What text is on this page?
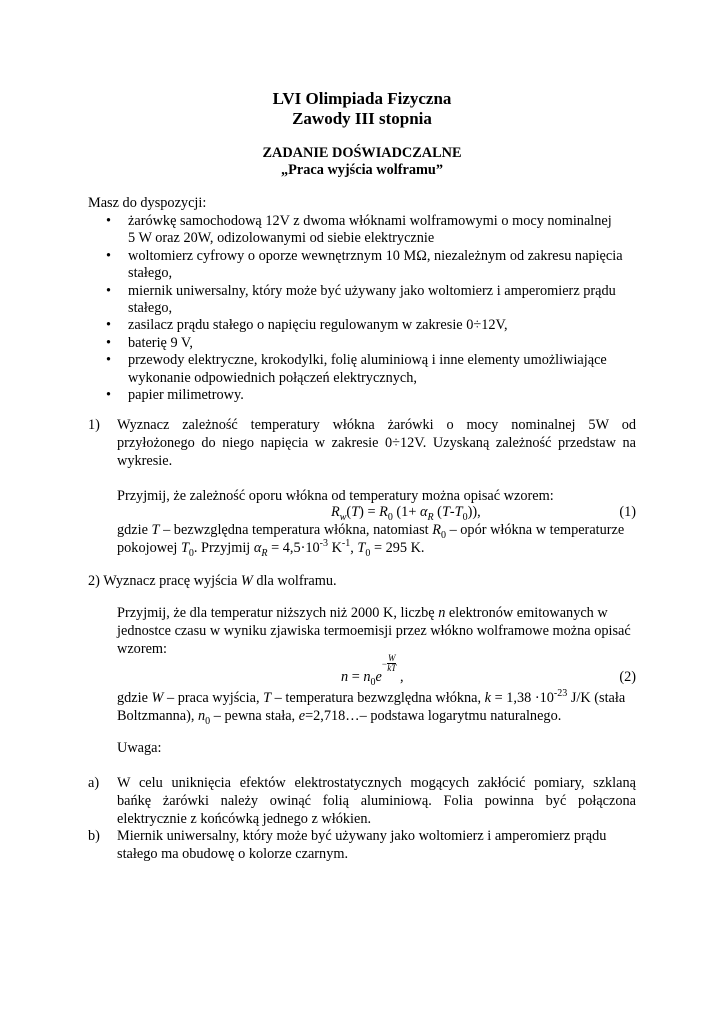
LVI Olimpiada Fizyczna
Zawody III stopnia
ZADANIE DOŚWIADCZALNE
„Praca wyjścia wolframu”
Masz do dyspozycji:
• żarówkę samochodową 12V z dwoma włóknami wolframowymi o mocy nominalnej
5 W oraz 20W, odizolowanymi od siebie elektrycznie
• woltomierz cyfrowy o oporze wewnętrznym 10 MΩ, niezależnym od zakresu napięcia
stałego,
• miernik uniwersalny, który może być używany jako woltomierz i amperomierz prądu
stałego,
• zasilacz prądu stałego o napięciu regulowanym w zakresie 0÷12V,
• baterię 9 V,
• przewody elektryczne, krokodylki, folię aluminiową i inne elementy umożliwiające
wykonanie odpowiednich połączeń elektrycznych,
• papier milimetrowy.
1) Wyznacz zależność temperatury włókna żarówki o mocy nominalnej 5W od
przyłożonego do niego napięcia w zakresie 0÷12V. Uzyskaną zależność przedstaw na
wykresie.
Przyjmij, że zależność oporu włókna od temperatury można opisać wzorem:
$R_w(T) = R_0$ ($1+ \alpha_R$ $(T-T_0)$),	(1)
gdzie T – bezwzględna temperatura włókna, natomiast $R_0$ – opór włókna w temperaturze
pokojowej $T_0$. Przyjmij $\alpha_R = 4,5\cdot 10^{-3}$ $K^{-1}$, $T_0 = 295$ K.
2) Wyznacz pracę wyjścia W dla wolframu.
Przyjmij, że dla temperatur niższych niż 2000 K, liczbę n elektronów emitowanych w
jednostce czasu w wyniku zjawiska termoemisji przez włókno wolframowe można opisać
wzorem:
$n = n_0e^- \frac{W}{kT}$
,	(2)
gdzie W – praca wyjścia, T – temperatura bezwzględna włókna, $k = 1,38 \cdot 10^{-23}$ J/K (stała
Boltzmanna), $n_0$ – pewna stała, e=2,718…– podstawa logarytmu naturalnego.
Uwaga:
a) W celu uniknięcia efektów elektrostatycznych mogących zakłócić pomiary, szklaną
bańkę żarówki należy owinąć folią aluminiową. Folia powinna być połączona
elektrycznie z końcówką jednego z włókien.
b) Miernik uniwersalny, który może być używany jako woltomierz i amperomierz prądu
stałego ma obudowę o kolorze czarnym.
